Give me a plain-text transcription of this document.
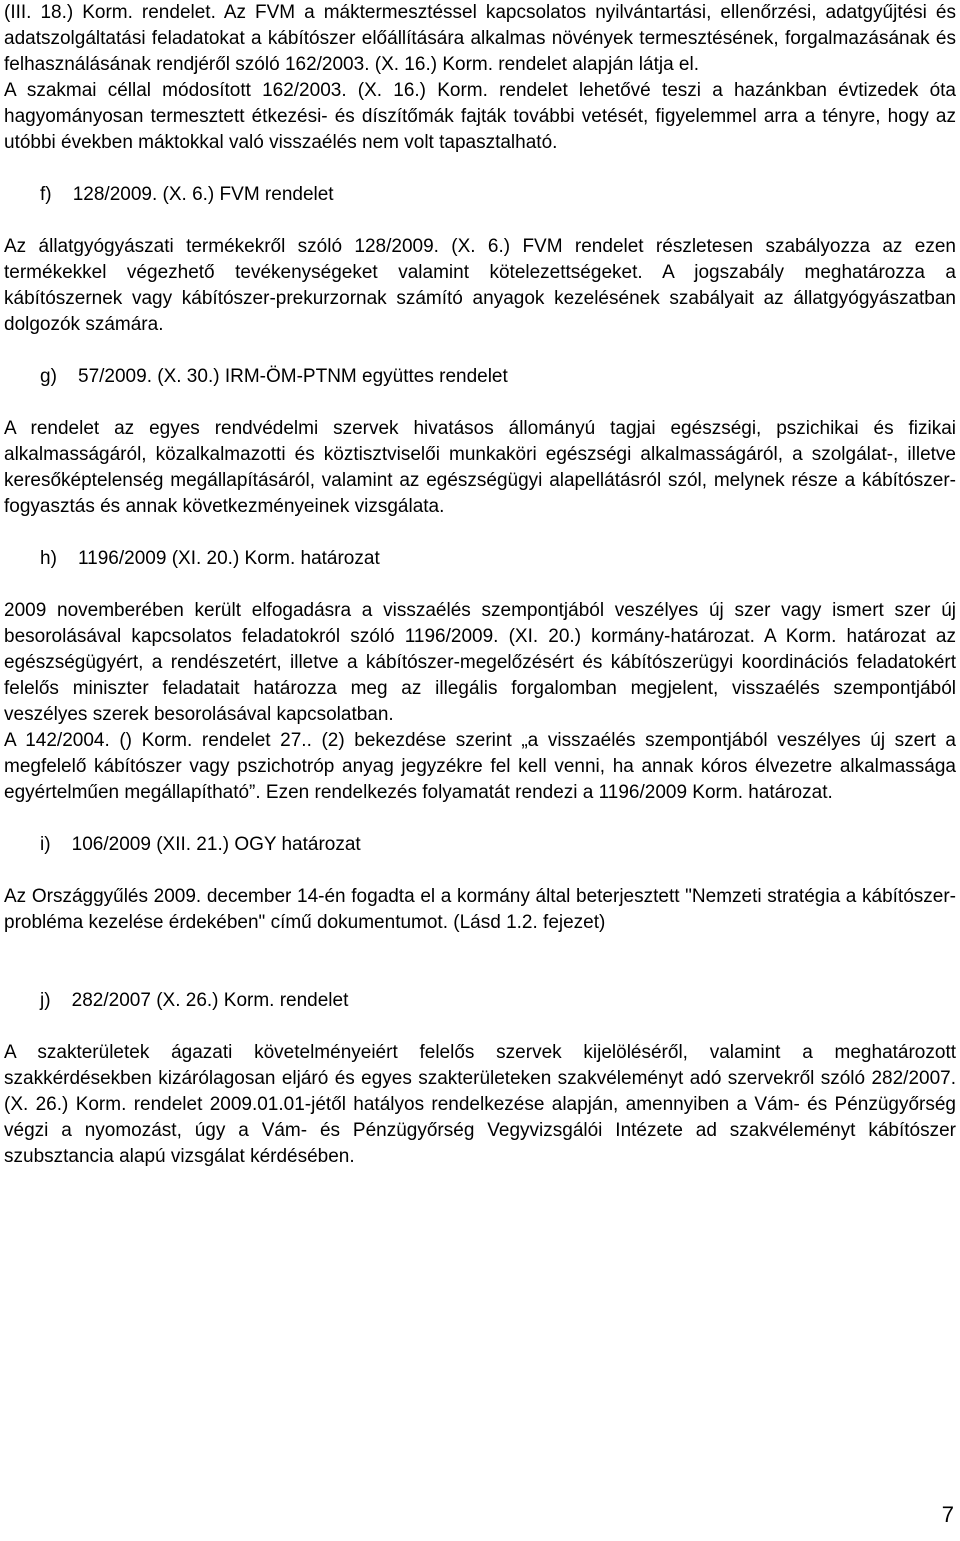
(III. 18.) Korm. rendelet. Az FVM a máktermesztéssel kapcsolatos nyilvántartási, ellenőrzési, adatgyűjtési és adatszolgáltatási feladatokat a kábítószer előállítására alkalmas növények termesztésének, forgalmazásának és felhasználásának rendjéről szóló 162/2003. (X. 16.) Korm. rendelet alapján látja el.

A szakmai céllal módosított 162/2003. (X. 16.) Korm. rendelet lehetővé teszi a hazánkban évtizedek óta hagyományosan termesztett étkezési- és díszítőmák fajták további vetését, figyelemmel arra a tényre, hogy az utóbbi években máktokkal való visszaélés nem volt tapasztalható.

f)    128/2009. (X. 6.) FVM rendelet

Az állatgyógyászati termékekről szóló 128/2009. (X. 6.) FVM rendelet részletesen szabályozza az ezen termékekkel végezhető tevékenységeket valamint kötelezettségeket. A jogszabály meghatározza a kábítószernek vagy kábítószer-prekurzornak számító anyagok kezelésének szabályait az állatgyógyászatban dolgozók számára.

g)    57/2009. (X. 30.) IRM-ÖM-PTNM együttes rendelet

A rendelet az egyes rendvédelmi szervek hivatásos állományú tagjai egészségi, pszichikai és fizikai alkalmasságáról, közalkalmazotti és köztisztviselői munkaköri egészségi alkalmasságáról, a szolgálat-, illetve keresőképtelenség megállapításáról, valamint az egészségügyi alapellátásról szól, melynek része a kábítószer-fogyasztás és annak következményeinek vizsgálata.

h)    1196/2009 (XI. 20.) Korm. határozat

2009 novemberében került elfogadásra a visszaélés szempontjából veszélyes új szer vagy ismert szer új besorolásával kapcsolatos feladatokról szóló 1196/2009. (XI. 20.) kormány-határozat. A Korm. határozat az egészségügyért, a rendészetért, illetve a kábítószer-megelőzésért és kábítószerügyi koordinációs feladatokért felelős miniszter feladatait határozza meg az illegális forgalomban megjelent, visszaélés szempontjából veszélyes szerek besorolásával kapcsolatban.

A 142/2004. () Korm. rendelet 27.. (2) bekezdése szerint „a visszaélés szempontjából veszélyes új szert a megfelelő kábítószer vagy pszichotróp anyag jegyzékre fel kell venni, ha annak kóros élvezetre alkalmassága egyértelműen megállapítható”. Ezen rendelkezés folyamatát rendezi a 1196/2009 Korm. határozat.

i)    106/2009 (XII. 21.) OGY határozat

Az Országgyűlés 2009. december 14-én fogadta el a kormány által beterjesztett "Nemzeti stratégia a kábítószer-probléma kezelése érdekében" című dokumentumot. (Lásd 1.2. fejezet)

j)    282/2007 (X. 26.) Korm. rendelet

A szakterületek ágazati követelményeiért felelős szervek kijelöléséről, valamint a meghatározott szakkérdésekben kizárólagosan eljáró és egyes szakterületeken szakvéleményt adó szervekről szóló 282/2007. (X. 26.) Korm. rendelet 2009.01.01-jétől hatályos rendelkezése alapján, amennyiben a Vám- és Pénzügyőrség végzi a nyomozást, úgy a Vám- és Pénzügyőrség Vegyvizsgálói Intézete ad szakvéleményt kábítószer szubsztancia alapú vizsgálat kérdésében.

7
